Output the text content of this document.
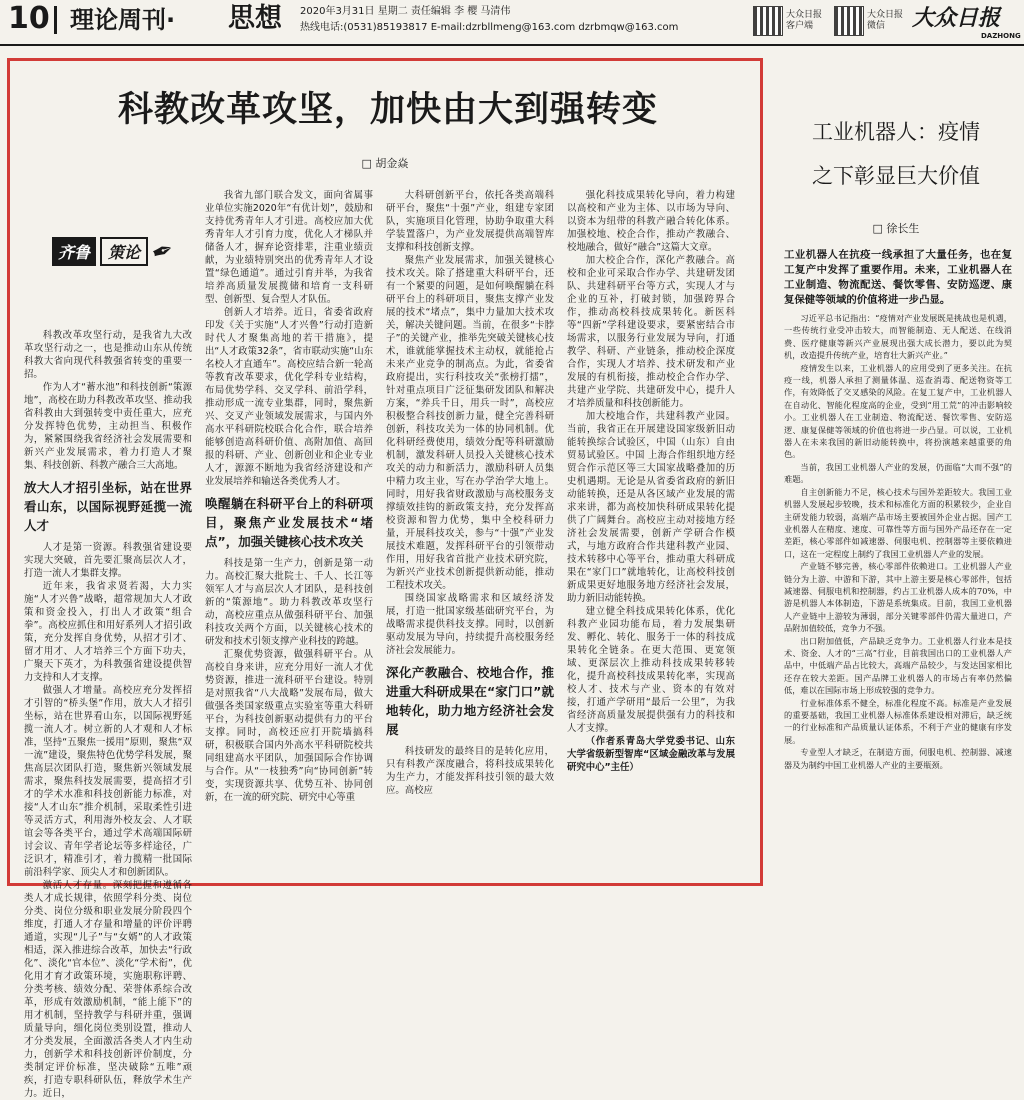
10 理论周刊· 思想 2020年3月31日 星期二 责任编辑 李 樱 马清伟
热线电话:(0531)85193817 E-mail:dzrbllmeng@163.com dzrbmqw@163.com
大众日报客户端
大众日报微信	大众日报
DAZHONG
科教改革攻坚，加快由大到强转变
□ 胡金焱
齐鲁 策论 ✒

科教改革攻坚行动，是我省九大改革攻坚行动之一，也是推动山东从传统科教大省向现代科教强省转变的重要一招。

作为人才“蓄水池”和科技创新“策源地”，高校在助力科教改革攻坚、推动我省科教由大到强转变中责任重大，应充分发挥特色优势，主动担当、积极作为，紧紧围绕我省经济社会发展需要和新兴产业发展需求，着力打造人才聚集、科技创新、科教产融合三大高地。

放大人才招引坐标，站在世界看山东，以国际视野延揽一流人才

人才是第一资源。科教强省建设要实现大突破，首先要汇聚高层次人才，打造一流人才集群支撑。

近年来，我省求贤若渴，大力实施“人才兴鲁”战略，超常规加大人才政策和资金投入，打出人才政策“组合拳”。高校应抓住和用好系列人才招引政策，充分发挥自身优势，从招才引才、留才用才、人才培养三个方面下功夫，广聚天下英才，为科教强省建设提供智力支持和人才支撑。

做强人才增量。高校应充分发挥招才引智的“桥头堡”作用，放大人才招引坐标，站在世界看山东，以国际视野延揽一流人才。树立新的人才观和人才标准，坚持“五聚焦一援用”原则，聚焦“双一流”建设，聚焦特色优势学科发展，聚焦高层次团队打造，聚焦新兴领域发展需求，聚焦科技发展需要，提高招才引才的学术水准和科技创新能力标准，对接“人才山东”推介机制，采取柔性引进等灵活方式，利用海外校友会、人才联谊会等各类平台，通过学术高端国际研讨会议、青年学者论坛等多样途径，广泛识才，精准引才，着力揽精一批国际前沿科学家、顶尖人才和创新团队。

激活人才存量。深刻把握和遵循各类人才成长规律，依照学科分类、岗位分类、岗位分级和职业发展分阶段四个维度，打通人才存量和增量的评价评聘通道，实现“儿子”与“女婿”的人才政策相适，深入推进综合改革，加快去“行政化”、淡化“官本位”、淡化“学术衔”，优化用才育才政策环境，实施职称评聘、分类考核、绩效分配、荣誉体系综合改革，形成有效激励机制，“能上能下”的用才机制，坚持教学与科研并重，强调质量导向，细化岗位类别设置，推动人才分类发展，全面激活各类人才内生动力，创新学术和科技创新评价制度，分类制定评价标准，坚决破除“五唯”顽疾，打造专职科研队伍，释放学术生产力。近日，

我省九部门联合发文，面向省属事业单位实施2020年“有优计划”，鼓励和支持优秀青年人才引进。高校应加大优秀青年人才引育力度，优化人才梯队并储备人才，摒弃论资排辈，注重业绩贡献，为业绩特别突出的优秀青年人才设置“绿色通道”。通过引育并举，为我省培养高质量发展揽储和培育一支科研型、创新型、复合型人才队伍。

创新人才培养。近日，省委省政府印发《关于实施“人才兴鲁”行动打造新时代人才聚集高地的若干措施》，提出“人才政策32条”，省市联动实施“山东 名校人才直通车”。高校应结合新一轮高等教育改革要求，优化学科专业结构，布局优势学科、交叉学科、前沿学科，推动形成一流专业集群，同时，聚焦新兴、交叉产业领域发展需求，与国内外高水平科研院校联合化合作，联合培养能够创造高科研价值、高附加值、高回报的科研、产业、创新创业和企业专业人才，源源不断地为我省经济建设和产业发展培养和输送各类优秀人才。

唤醒躺在科研平台上的科研项目，聚焦产业发展技术“堵点”，加强关键核心技术攻关

科技是第一生产力，创新是第一动力。高校汇聚大批院士、千人、长江等领军人才与高层次人才团队，是科技创新的“策源地”。助力科教改革攻坚行动，高校应重点从做强科研平台、加强科技攻关两个方面，以关键核心技术的研发和技术引领支撑产业科技的跨越。

汇聚优势资源，做强科研平台。从高校自身来讲，应充分用好一流人才优势资源，推进一流科研平台建设。特别是对照我省“八大战略”发展布局，做大做强各类国家级重点实验室等重大科研平台，为科技创新驱动提供有力的平台支撑。同时，高校还应打开院墙搞科研，积极联合国内外高水平科研院校共同组建高水平团队，加强国际合作协调与合作。从“一枝独秀”向“协同创新”转变，实现资源共享、优势互补、协同创新，在一流的研究院、研究中心等重

大科研创新平台，依托各类高端科研平台，聚焦“十强”产业，组建专家团队，实施项目化管理，协助争取重大科学装置落户，为产业发展提供高端智库支撑和科技创新支撑。

聚焦产业发展需求，加强关键核心技术攻关。除了搭建重大科研平台，还有一个紧要的问题，是如何唤醒躺在科研平台上的科研项目，聚焦支撑产业发展的技术“堵点”，集中力量加大技术攻关，解决关键问题。当前，在很多“卡脖子”的关键产业，推举先突破关键核心技术，谁就能掌握技术主动权，就能抢占未来产业竞争的制高点。为此，省委省政府提出，实行科技攻关“张榜打擂”，针对重点项目广泛征集研发团队和解决方案，“养兵千日，用兵一时”，高校应积极整合科技创新力量，健全完善科研创新，科技攻关为一体的协同机制。优化科研经费使用，绩效分配等科研激励机制，激发科研人员投入关键核心技术攻关的动力和新活力，激励科研人员集中精力攻主业，写在办学治学大地上。同时，用好我省财政激励与高校服务支撑绩效挂钩的新政策支持，充分发挥高校资源和智力优势，集中全校科研力量，开展科技攻关，参与“十强”产业发展技术难题，发挥科研平台的引领带动作用，用好我省首批产业技术研究院，为新兴产业技术创新提供新动能，推动工程技术攻关。

围绕国家战略需求和区域经济发展，打造一批国家级基础研究平台，为战略需求提供科技支撑。同时，以创新驱动发展为导向，持续提升高校服务经济社会发展能力。

深化产教融合、校地合作，推进重大科研成果在“家门口”就地转化，助力地方经济社会发展

科技研发的最终目的是转化应用，只有科教产深度融合，将科技成果转化为生产力，才能发挥科技引领的最大效应。高校应

强化科技成果转化导向，着力构建以高校和产业为主体、以市场为导向、以资本为纽带的科教产融合转化体系。加强校地、校企合作，推动产教融合、校地融合，做好“融合”这篇大文章。

加大校企合作，深化产教融合。高校和企业可采取合作办学、共建研发团队、共建科研平台等方式，实现人才与企业的互补，打破封锁，加强跨界合作，推动高校科技成果转化。新医科等“四新”学科建设要求，要紧密结合市场需求，以服务行业发展为导向，打通教学、科研、产业链条，推动校企深度合作，实现人才培养、技术研发和产业发展的有机衔接，推动校企合作办学、共建产业学院、共建研发中心，提升人才培养质量和科技创新能力。

加大校地合作，共建科教产业园。当前，我省正在开展建设国家级新旧动能转换综合试验区，中国（山东）自由贸易试验区。中国 上海合作组织地方经贸合作示范区等三大国家战略叠加的历史机遇期。无论是从省委省政府的新旧动能转换，还是从各区域产业发展的需求来讲，都为高校加快科研成果转化提供了广阔舞台。高校应主动对接地方经济社会发展需要，创新产学研合作模式，与地方政府合作共建科教产业园、技术转移中心等平台，推动重大科研成果在“家门口”就地转化，让高校科技创新成果更好地服务地方经济社会发展，助力新旧动能转换。

建立健全科技成果转化体系，优化科教产业园功能布局，着力发展集研发、孵化、转化、服务于一体的科技成果转化全链条。在更大范围、更宽领域、更深层次上推动科技成果转移转化，提升高校科技成果转化率，实现高校人才、技术与产业、资本的有效对接，打通产学研用“最后一公里”，为我省经济高质量发展提供强有力的科技和人才支撑。

（作者系青岛大学党委书记、山东大学省级新型智库“区域金融改革与发展研究中心”主任）

工业机器人：疫情
之下彰显巨大价值
□ 徐长生
工业机器人在抗疫一线承担了大量任务，也在复工复产中发挥了重要作用。未来，工业机器人在工业制造、物流配送、餐饮零售、安防巡逻、康复保健等领域的价值将进一步凸显。

习近平总书记指出：“疫情对产业发展既是挑战也是机遇，一些传统行业受冲击较大，而智能制造、无人配送、在线消费、医疗健康等新兴产业展现出强大成长潜力，要以此为契机，改造提升传统产业，培育壮大新兴产业。”

疫情发生以来，工业机器人的应用受到了更多关注。在抗疫一线，机器人承担了测量体温、巡查消毒、配送物资等工作，有效降低了交叉感染的风险。在复工复产中，工业机器人在自动化、智能化程度高的企业，受到“用工荒”的冲击影响较小。工业机器人在工业制造、物流配送、餐饮零售、安防巡逻、康复保健等领域的价值也将进一步凸显。可以说，工业机器人在未来我国的新旧动能转换中，将扮演越来越重要的角色。

当前，我国工业机器人产业的发展，仍面临“大而不强”的难题。

自主创新能力不足，核心技术与国外差距较大。我国工业机器人发展起步较晚，技术和标准化方面的积累较少，企业自主研发能力较弱，高端产品市场主要被国外企业占据。国产工业机器人在精度、速度、可靠性等方面与国外产品还存在一定差距，核心零部件如减速器、伺服电机、控制器等主要依赖进口，这在一定程度上制约了我国工业机器人产业的发展。

产业链不够完善，核心零部件依赖进口。工业机器人产业链分为上游、中游和下游，其中上游主要是核心零部件，包括减速器、伺服电机和控制器，约占工业机器人成本的70%，中游是机器人本体制造，下游是系统集成。目前，我国工业机器人产业链中上游较为薄弱，部分关键零部件仍需大量进口，产品附加值较低，竞争力不强。

出口附加值低，产品缺乏竞争力。工业机器人行业本是技术、资金、人才的“三高”行业，目前我国出口的工业机器人产品中，中低端产品占比较大，高端产品较少，与发达国家相比还存在较大差距。国产品牌工业机器人的市场占有率仍然偏低，难以在国际市场上形成较强的竞争力。

行业标准体系不健全，标准化程度不高。标准是产业发展的重要基础，我国工业机器人标准体系建设相对滞后，缺乏统一的行业标准和产品质量认证体系，不利于产业的健康有序发展。

专业型人才缺乏，在制造方面，伺服电机、控制器、减速器及为制约中国工业机器人产业的主要瓶颈。
